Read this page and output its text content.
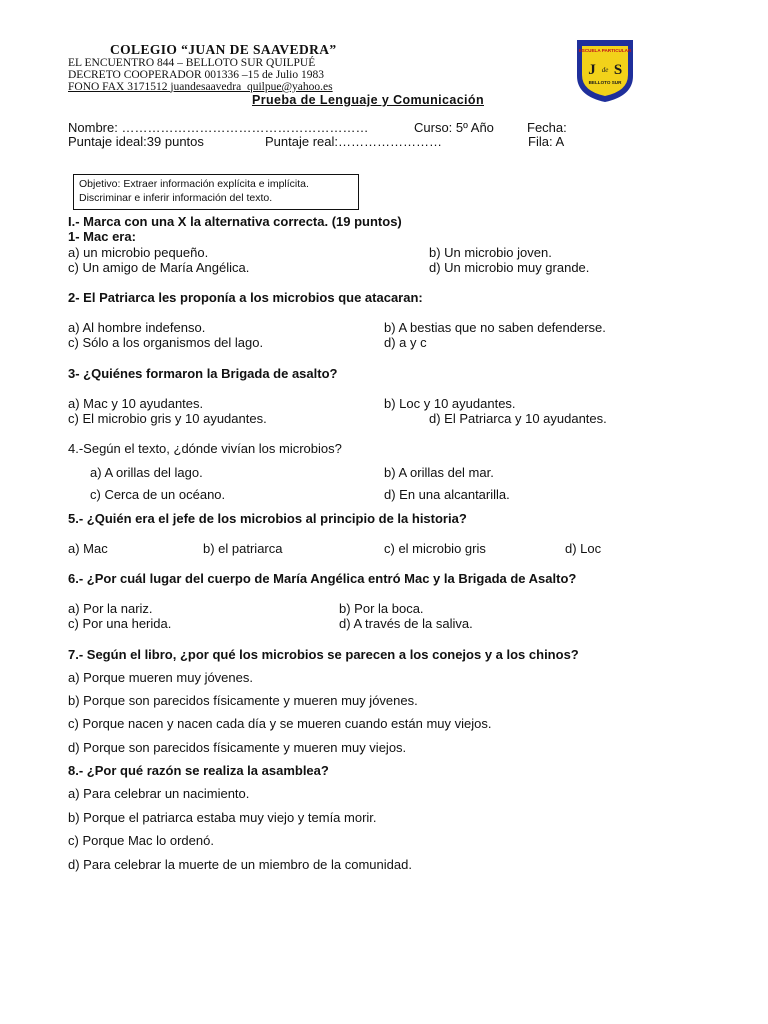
COLEGIO “JUAN DE SAAVEDRA”
EL ENCUENTRO 844 – BELLOTO SUR QUILPUÉ
DECRETO COOPERADOR 001336 –15 de Julio 1983
FONO FAX 3171512 juandesaavedra_quilpue@yahoo.es
ESCUELA PARTICULAR
J de S
BELLOTO SUR
Prueba de Lenguaje y Comunicación
Nombre: …………………………………………………	Curso: 5º Año	Fecha:
Puntaje ideal:39 puntos	Puntaje real:……………………	Fila: A
Objetivo: Extraer información explícita e implícita.
Discriminar e inferir información del texto.
I.- Marca con una X la alternativa correcta. (19 puntos)
1- Mac era:
a) un microbio pequeño.	b) Un microbio joven.
c) Un amigo de María Angélica.	d) Un microbio muy grande.
2- El Patriarca les proponía a los microbios que atacaran:
a) Al hombre indefenso.	b) A bestias que no saben defenderse.
c) Sólo a los organismos del lago.	d) a y c
3- ¿Quiénes formaron la Brigada de asalto?
a) Mac y 10 ayudantes.	b) Loc y 10 ayudantes.
c) El microbio gris y 10 ayudantes.	d) El Patriarca y 10 ayudantes.
4.-Según el texto, ¿dónde vivían los microbios?
a) A orillas del lago.	b) A orillas del mar.
c) Cerca de un océano.	d) En una alcantarilla.
5.- ¿Quién era el jefe de los microbios al principio de la historia?
a) Mac	b) el patriarca	c) el microbio gris	d) Loc
6.- ¿Por cuál lugar del cuerpo de María Angélica entró Mac y la Brigada de Asalto?
a) Por la nariz.	b) Por la boca.
c) Por una herida.	d) A través de la saliva.
7.- Según el libro, ¿por qué los microbios se parecen a los conejos y a los chinos?
a) Porque mueren muy jóvenes.
b) Porque son parecidos físicamente y mueren muy jóvenes.
c) Porque nacen y nacen cada día y se mueren cuando están muy viejos.
d) Porque son parecidos físicamente y mueren muy viejos.
8.- ¿Por qué razón se realiza la asamblea?
a) Para celebrar un nacimiento.
b) Porque el patriarca estaba muy viejo y temía morir.
c) Porque Mac lo ordenó.
d) Para celebrar la muerte de un miembro de la comunidad.
